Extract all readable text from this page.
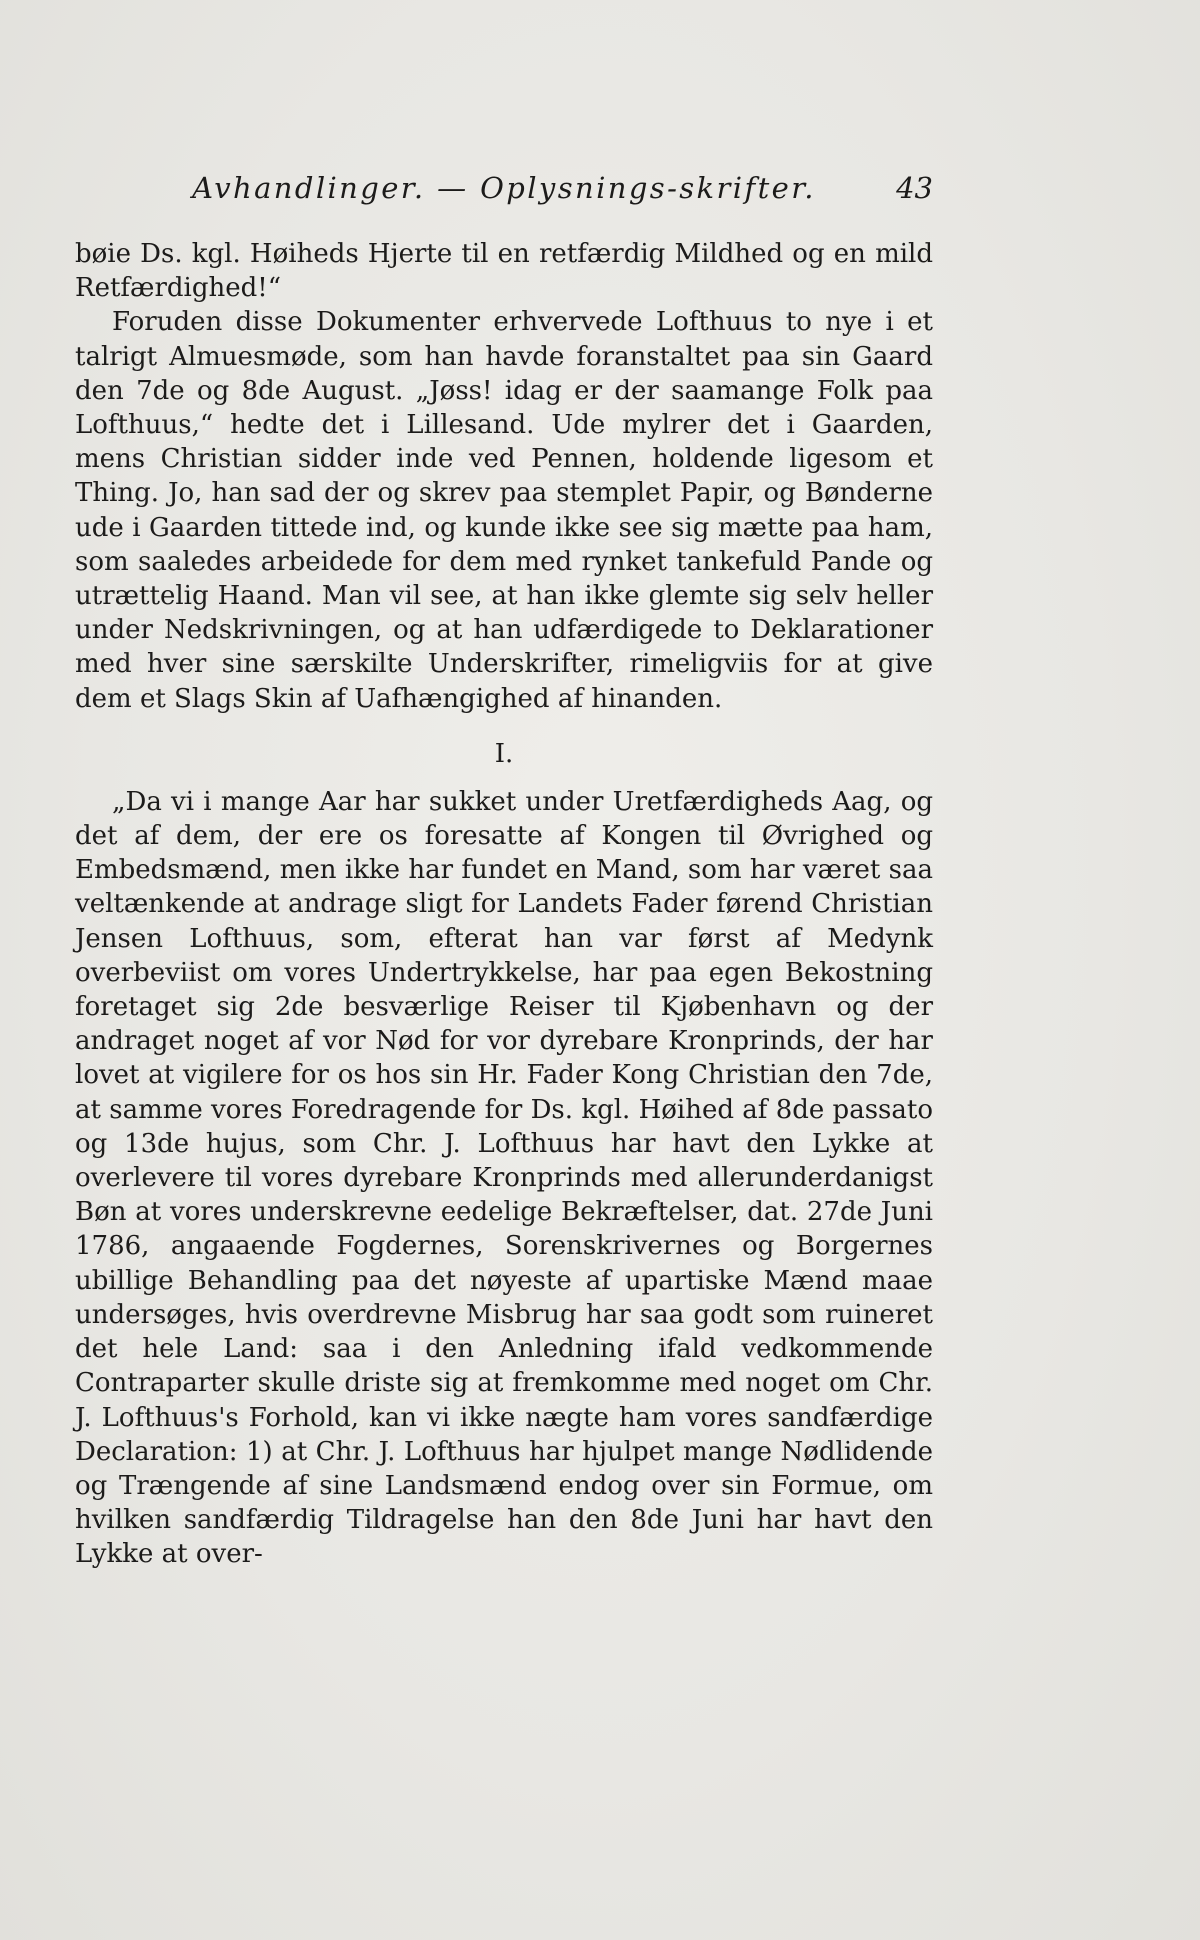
Avhandlinger. — Oplysnings-skrifter.	43

bøie Ds. kgl. Høiheds Hjerte til en retfærdig Mildhed og en mild Retfærdighed!“

Foruden disse Dokumenter erhvervede Lofthuus to nye i et talrigt Almuesmøde, som han havde foranstaltet paa sin Gaard den 7de og 8de August. „Jøss! idag er der saamange Folk paa Lofthuus,“ hedte det i Lillesand. Ude mylrer det i Gaarden, mens Christian sidder inde ved Pennen, holdende ligesom et Thing. Jo, han sad der og skrev paa stemplet Papir, og Bønderne ude i Gaarden tittede ind, og kunde ikke see sig mætte paa ham, som saaledes arbeidede for dem med rynket tankefuld Pande og utrættelig Haand. Man vil see, at han ikke glemte sig selv heller under Nedskrivningen, og at han udfærdigede to Deklarationer med hver sine særskilte Underskrifter, rimeligviis for at give dem et Slags Skin af Uafhængighed af hinanden.

I.

„Da vi i mange Aar har sukket under Uretfærdigheds Aag, og det af dem, der ere os foresatte af Kongen til Øvrighed og Embedsmænd, men ikke har fundet en Mand, som har været saa veltænkende at andrage sligt for Landets Fader førend Christian Jensen Lofthuus, som, efterat han var først af Medynk overbeviist om vores Undertrykkelse, har paa egen Bekostning foretaget sig 2de besværlige Reiser til Kjøbenhavn og der andraget noget af vor Nød for vor dyrebare Kronprinds, der har lovet at vigilere for os hos sin Hr. Fader Kong Christian den 7de, at samme vores Foredragende for Ds. kgl. Høihed af 8de passato og 13de hujus, som Chr. J. Lofthuus har havt den Lykke at overlevere til vores dyrebare Kronprinds med allerunderdanigst Bøn at vores underskrevne eedelige Bekræftelser, dat. 27de Juni 1786, angaaende Fogdernes, Sorenskrivernes og Borgernes ubillige Behandling paa det nøyeste af upartiske Mænd maae undersøges, hvis overdrevne Misbrug har saa godt som ruineret det hele Land: saa i den Anledning ifald vedkommende Contraparter skulle driste sig at fremkomme med noget om Chr. J. Lofthuus's Forhold, kan vi ikke nægte ham vores sandfærdige Declaration: 1) at Chr. J. Lofthuus har hjulpet mange Nødlidende og Trængende af sine Landsmænd endog over sin Formue, om hvilken sandfærdig Tildragelse han den 8de Juni har havt den Lykke at over-
